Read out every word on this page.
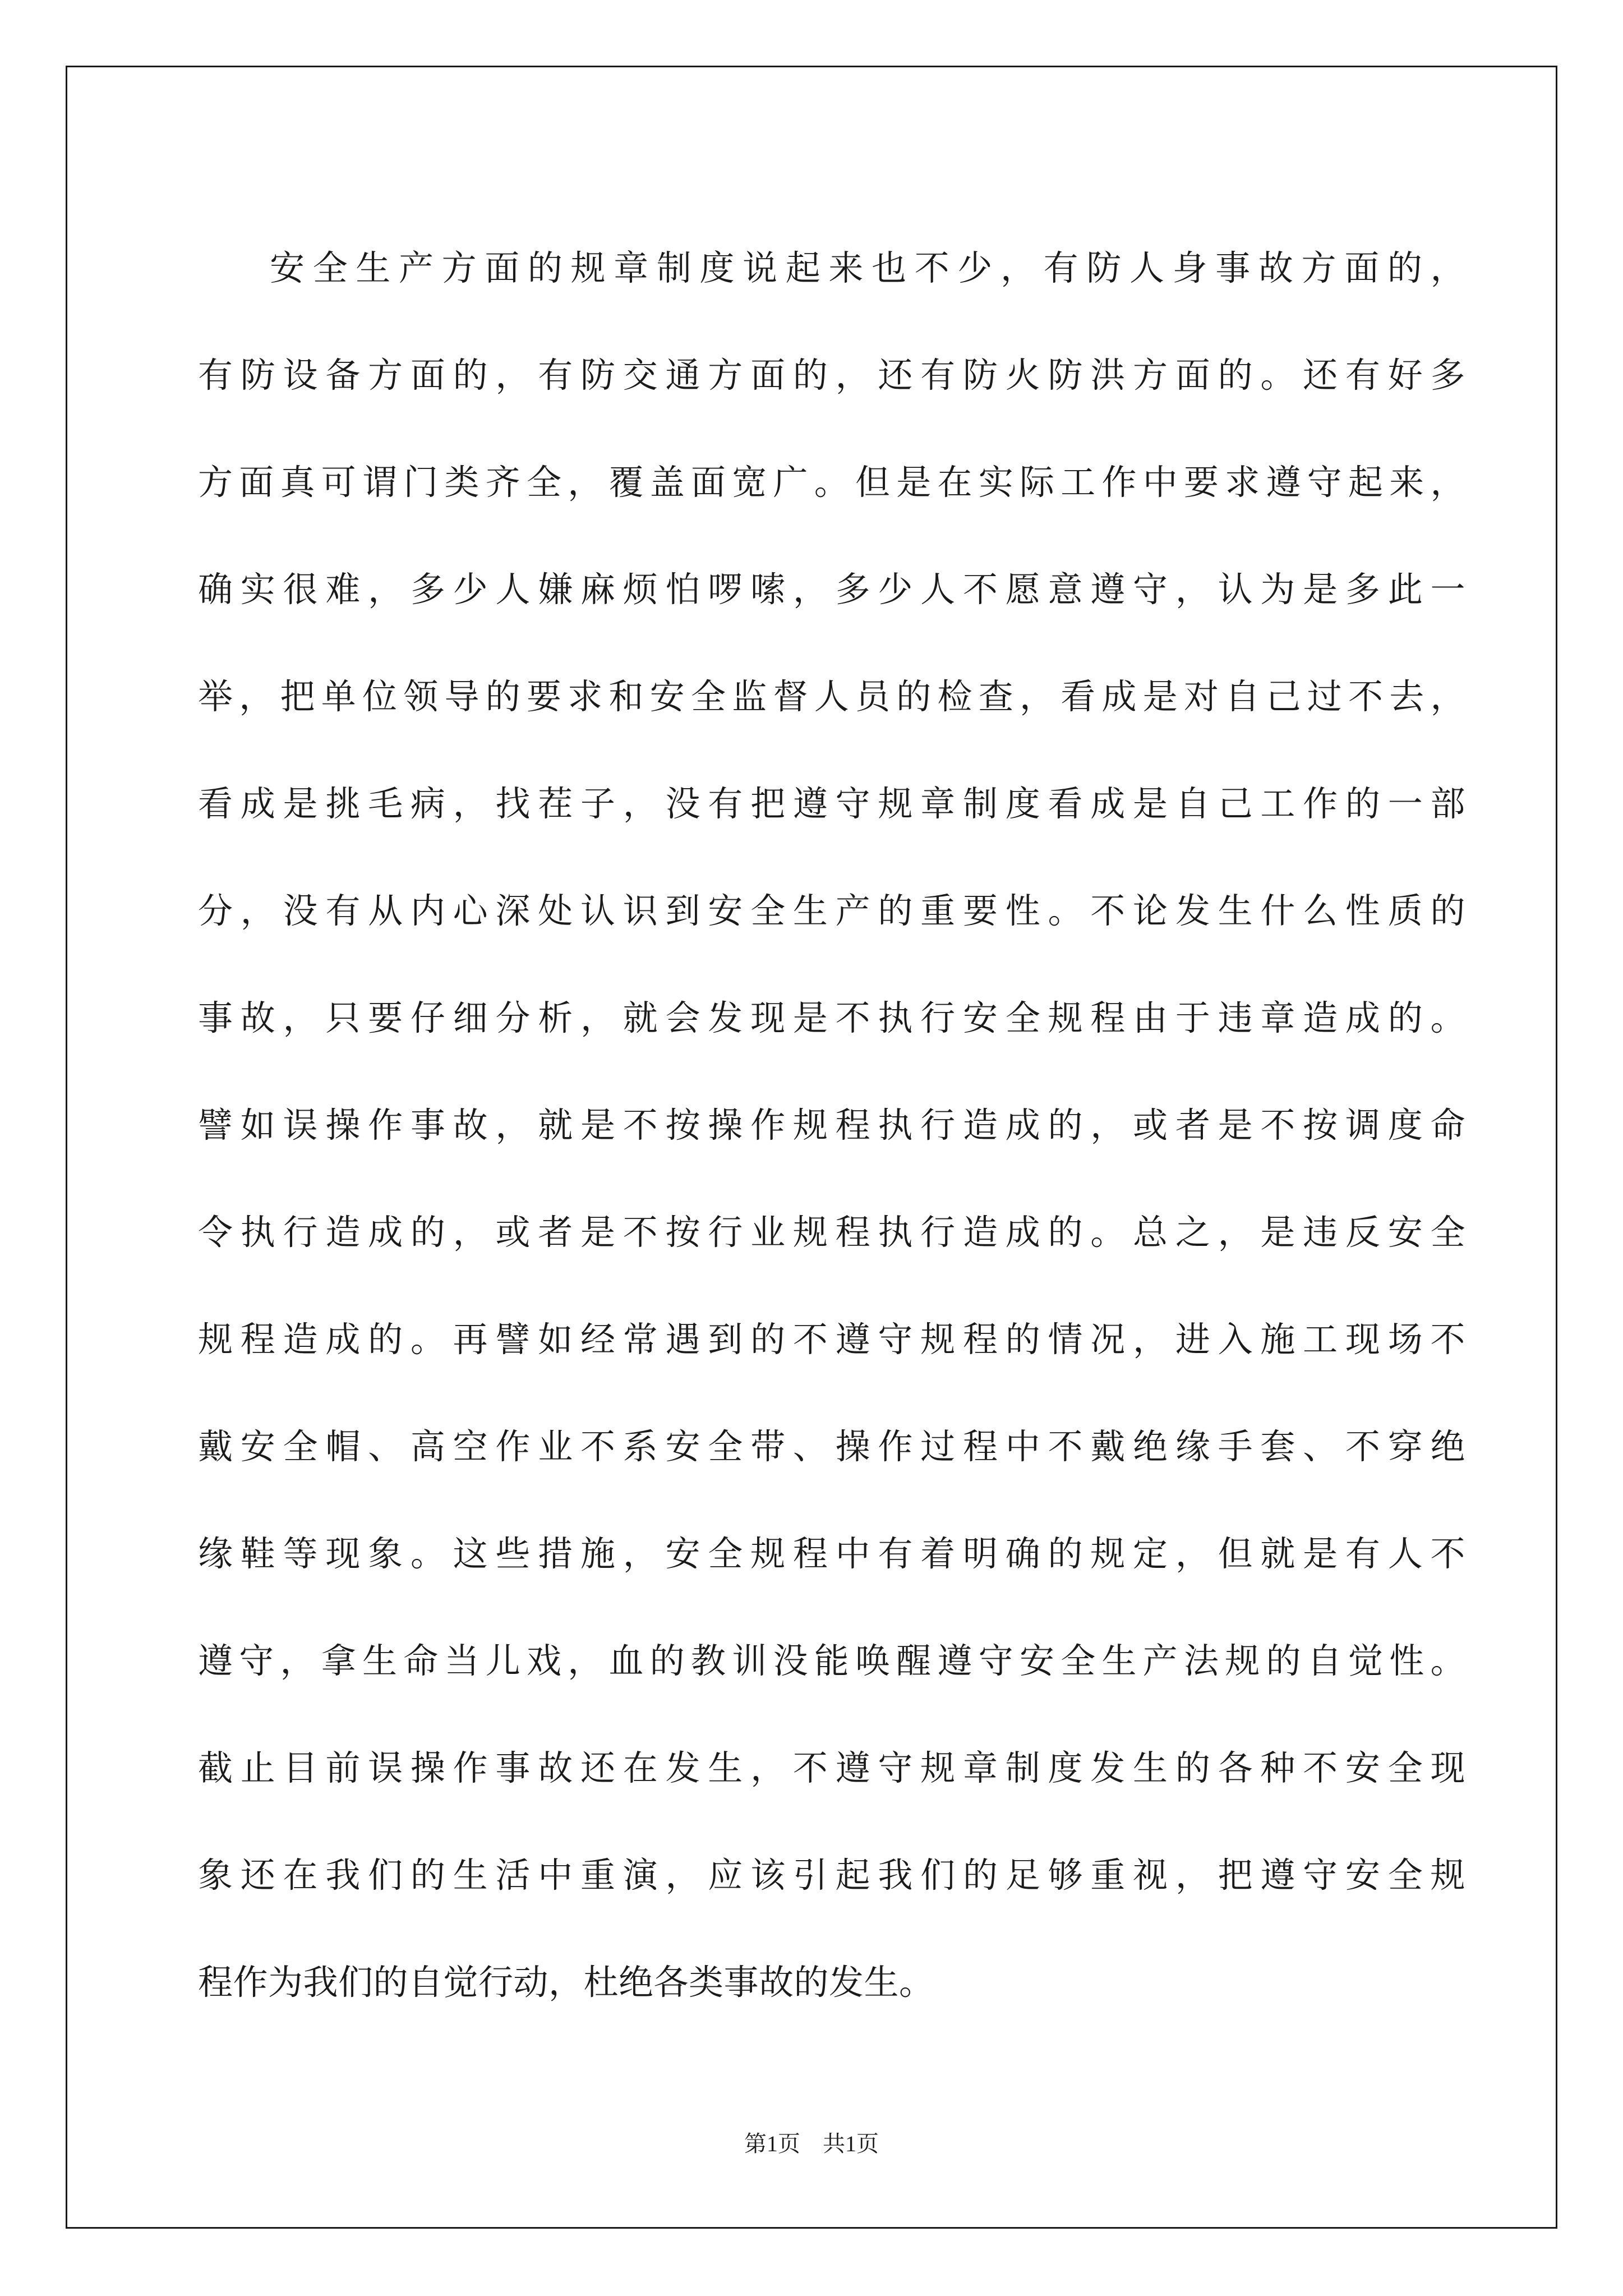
安全生产方面的规章制度说起来也不少，有防人身事故方面的，
有防设备方面的，有防交通方面的，还有防火防洪方面的。还有好多
方面真可谓门类齐全，覆盖面宽广。但是在实际工作中要求遵守起来，
确实很难，多少人嫌麻烦怕啰嗦，多少人不愿意遵守，认为是多此一
举，把单位领导的要求和安全监督人员的检查，看成是对自己过不去，
看成是挑毛病，找茬子，没有把遵守规章制度看成是自己工作的一部
分，没有从内心深处认识到安全生产的重要性。不论发生什么性质的
事故，只要仔细分析，就会发现是不执行安全规程由于违章造成的。
譬如误操作事故，就是不按操作规程执行造成的，或者是不按调度命
令执行造成的，或者是不按行业规程执行造成的。总之，是违反安全
规程造成的。再譬如经常遇到的不遵守规程的情况，进入施工现场不
戴安全帽、高空作业不系安全带、操作过程中不戴绝缘手套、不穿绝
缘鞋等现象。这些措施，安全规程中有着明确的规定，但就是有人不
遵守，拿生命当儿戏，血的教训没能唤醒遵守安全生产法规的自觉性。
截止目前误操作事故还在发生，不遵守规章制度发生的各种不安全现
象还在我们的生活中重演，应该引起我们的足够重视，把遵守安全规
程作为我们的自觉行动，杜绝各类事故的发生。
第1页　共1页
